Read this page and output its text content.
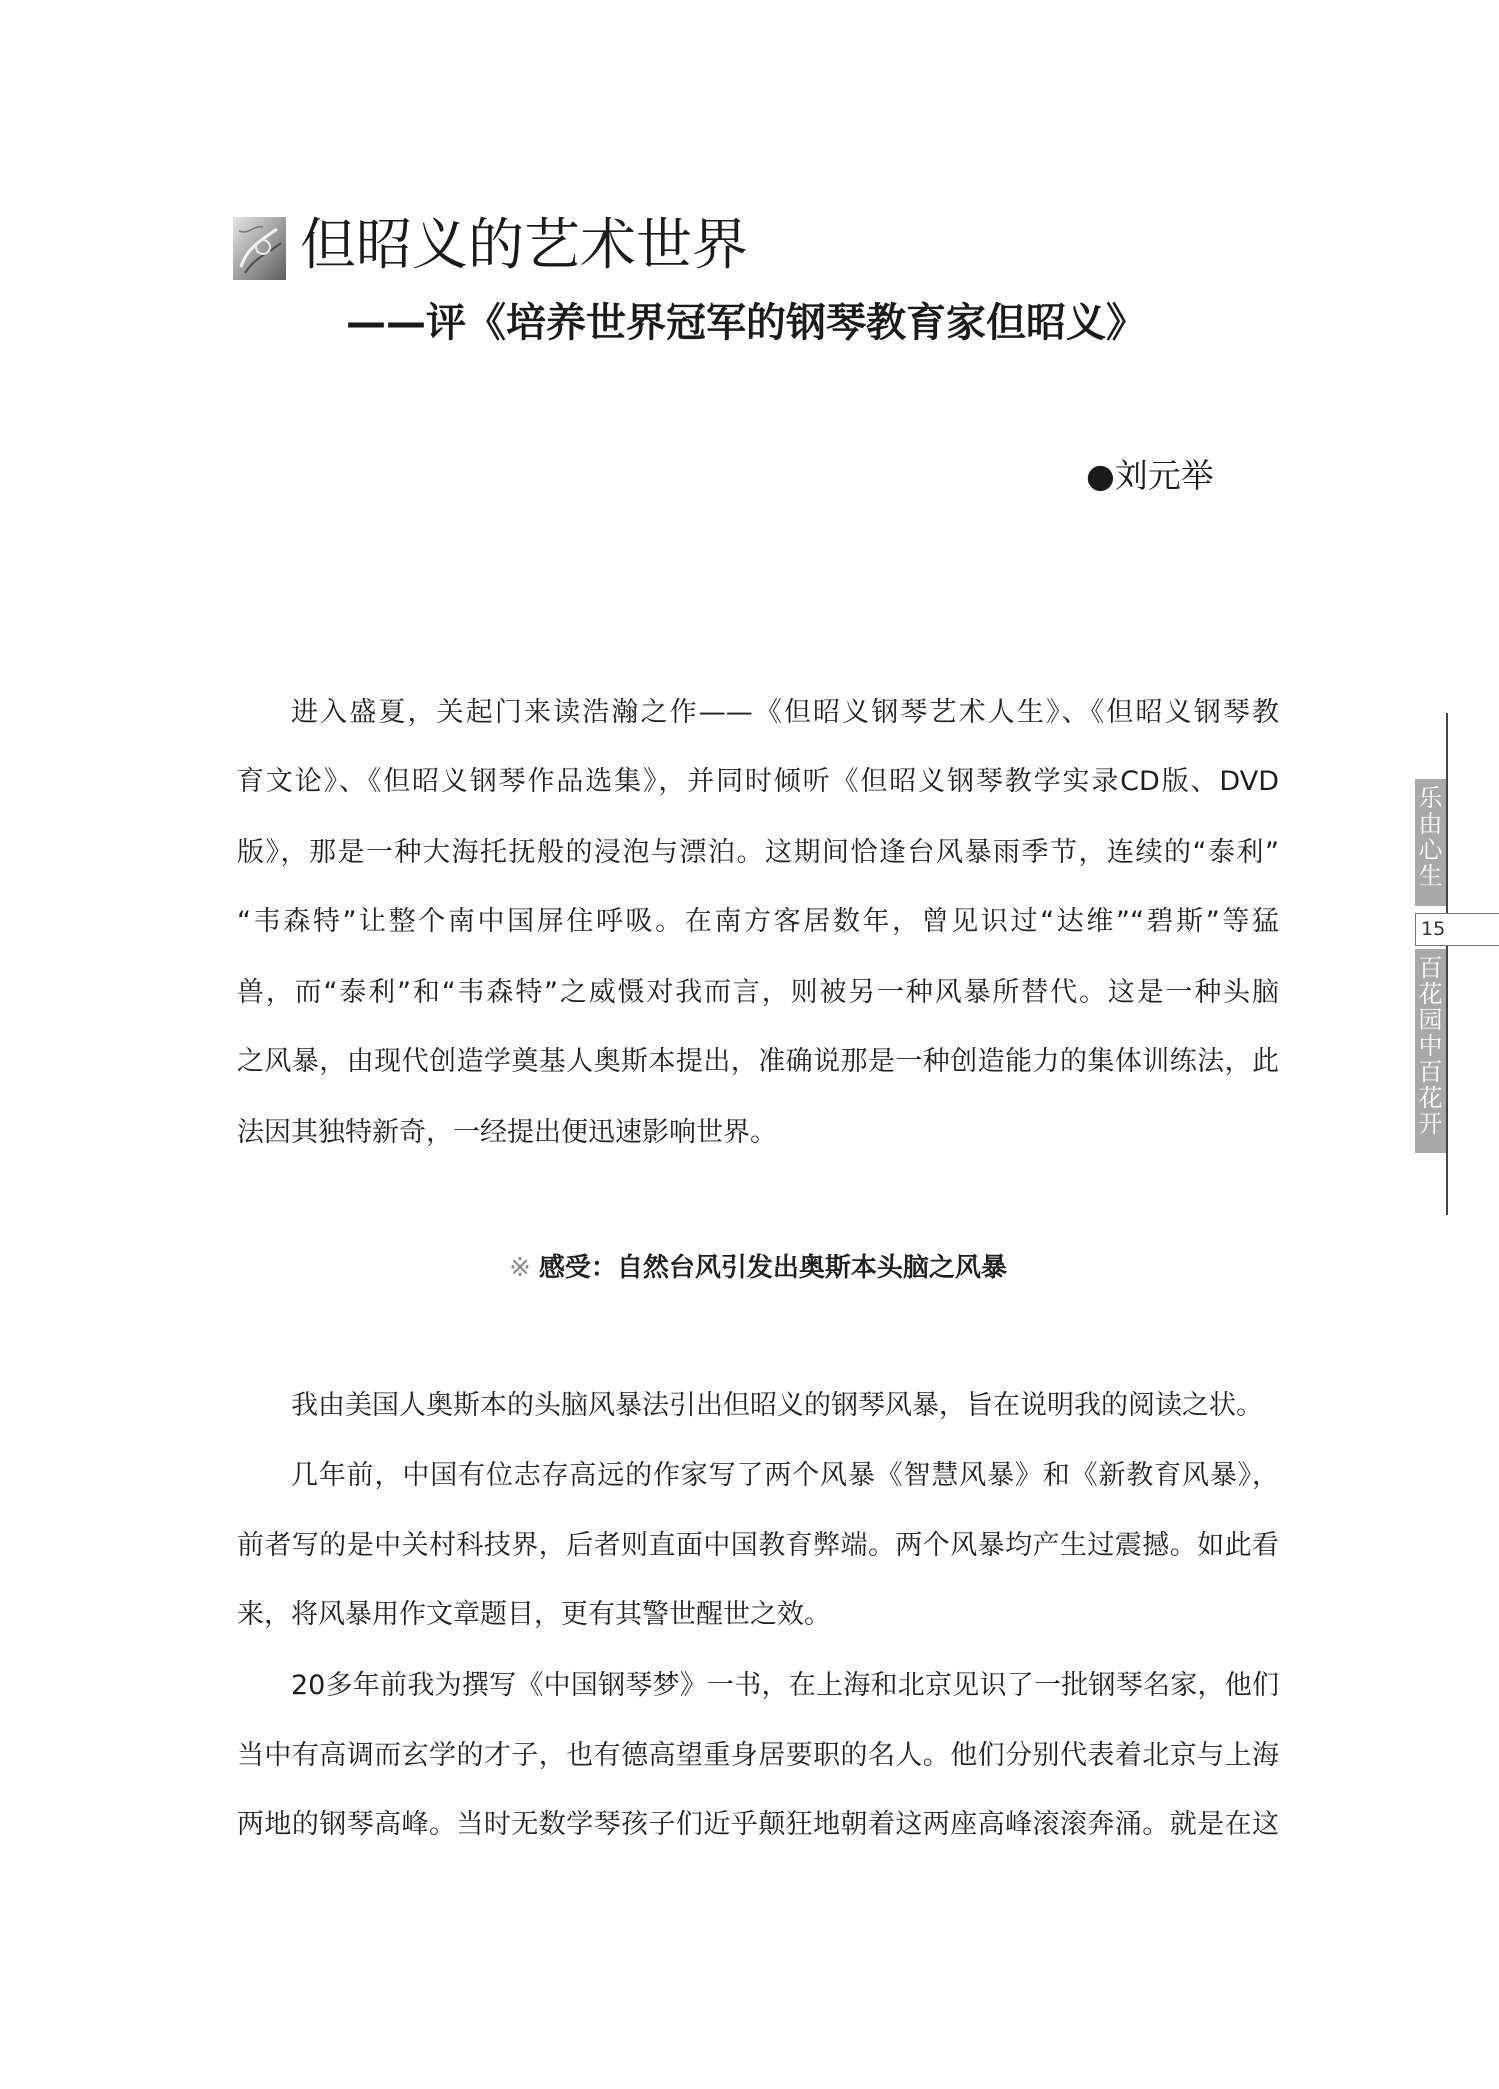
但昭义的艺术世界
——评《培养世界冠军的钢琴教育家但昭义》
●刘元举
进入盛夏，关起门来读浩瀚之作——《但昭义钢琴艺术人生》、《但昭义钢琴教
育文论》、《但昭义钢琴作品选集》，并同时倾听《但昭义钢琴教学实录CD版、DVD
版》，那是一种大海托抚般的浸泡与漂泊。这期间恰逢台风暴雨季节，连续的“泰利”
“韦森特”让整个南中国屏住呼吸。在南方客居数年，曾见识过“达维”“碧斯”等猛
兽，而“泰利”和“韦森特”之威慑对我而言，则被另一种风暴所替代。这是一种头脑
之风暴，由现代创造学奠基人奥斯本提出，准确说那是一种创造能力的集体训练法，此
法因其独特新奇，一经提出便迅速影响世界。
※ 感受：自然台风引发出奥斯本头脑之风暴
我由美国人奥斯本的头脑风暴法引出但昭义的钢琴风暴，旨在说明我的阅读之状。
几年前，中国有位志存高远的作家写了两个风暴《智慧风暴》和《新教育风暴》，
前者写的是中关村科技界，后者则直面中国教育弊端。两个风暴均产生过震撼。如此看
来，将风暴用作文章题目，更有其警世醒世之效。
20多年前我为撰写《中国钢琴梦》一书，在上海和北京见识了一批钢琴名家，他们
当中有高调而玄学的才子，也有德高望重身居要职的名人。他们分别代表着北京与上海
两地的钢琴高峰。当时无数学琴孩子们近乎颠狂地朝着这两座高峰滚滚奔涌。就是在这
乐由心生
15
百花园中百花开
